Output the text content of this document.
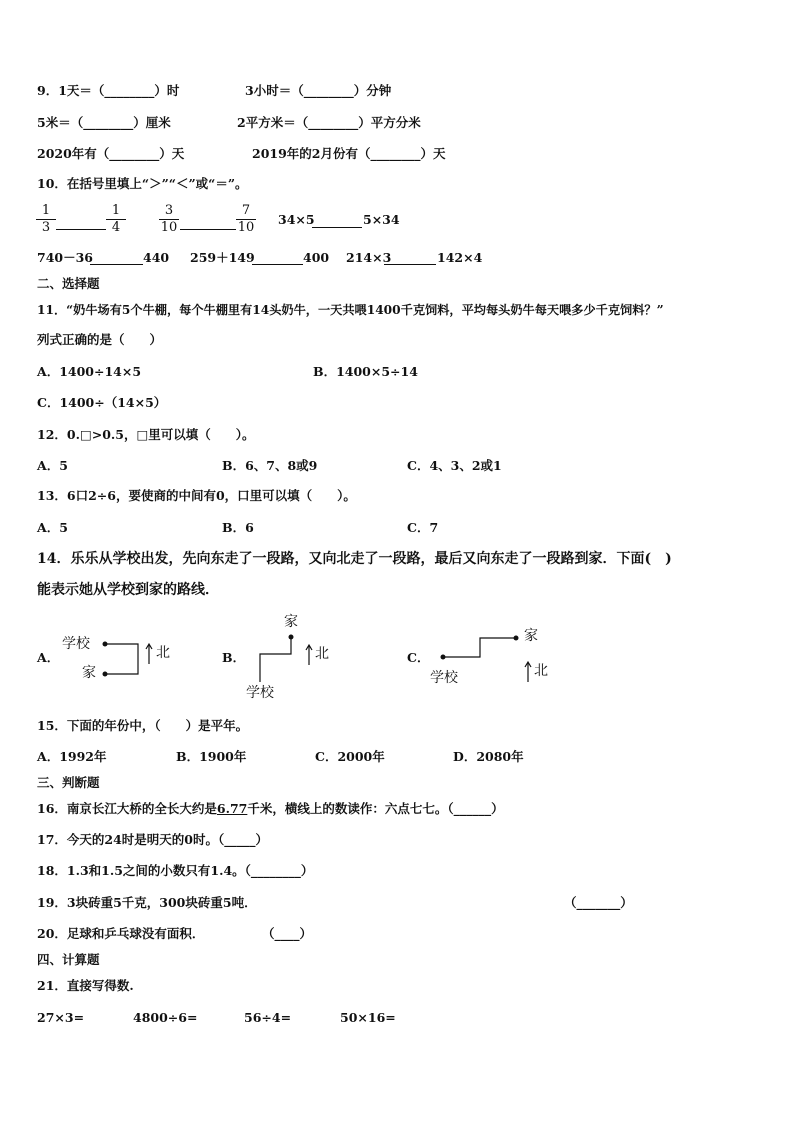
9．1天＝（________）时	3小时＝（________）分钟
5米＝（________）厘米	2平方米＝（________）平方分米
2020年有（________）天	2019年的2月份有（________）天
10．在括号里填上“＞”“＜”或“＝”。
$\frac{1}{3}$	$\frac{1}{4}$	$\frac{3}{10}$	$\frac{7}{10} 34\times 5$	5×34
740－36	440 259＋149	400 214×3	142×4
二、选择题
11．“奶牛场有5个牛棚，每个牛棚里有14头奶牛，一天共喂1400千克饲料，平均每头奶牛每天喂多少千克饲料？”
列式正确的是（　　）
A．1400÷14×5	B．1400×5÷14
C．1400÷（14×5）
12．0.□>0.5，□里可以填（　　）。
A．5	B．6、7、8或9	C．4、3、2或1
13．6口2÷6，要使商的中间有0，口里可以填（　　）。
A．5	B．6	C．7
14．乐乐从学校出发，先向东走了一段路，又向北走了一段路，最后又向东走了一段路到家．下面(　)
能表示她从学校到家的路线．
A．
学校
家
北	B．
家
学校
北	C．
家
学校	北
15．下面的年份中，（　　）是平年。
A．1992年	B．1900年	C．2000年	D．2080年
三、判断题
16．南京长江大桥的全长大约是6.77千米，横线上的数读作：六点七七。（______）
17．今天的24时是明天的0时。（_____）
18．1.3和1.5之间的小数只有1.4。（________）
19．3块砖重5千克，300块砖重5吨．	（_______）
20．足球和乒乓球没有面积．	（____）
四、计算题
21．直接写得数.
27×3=	4800÷6=	56÷4=	50×16=
